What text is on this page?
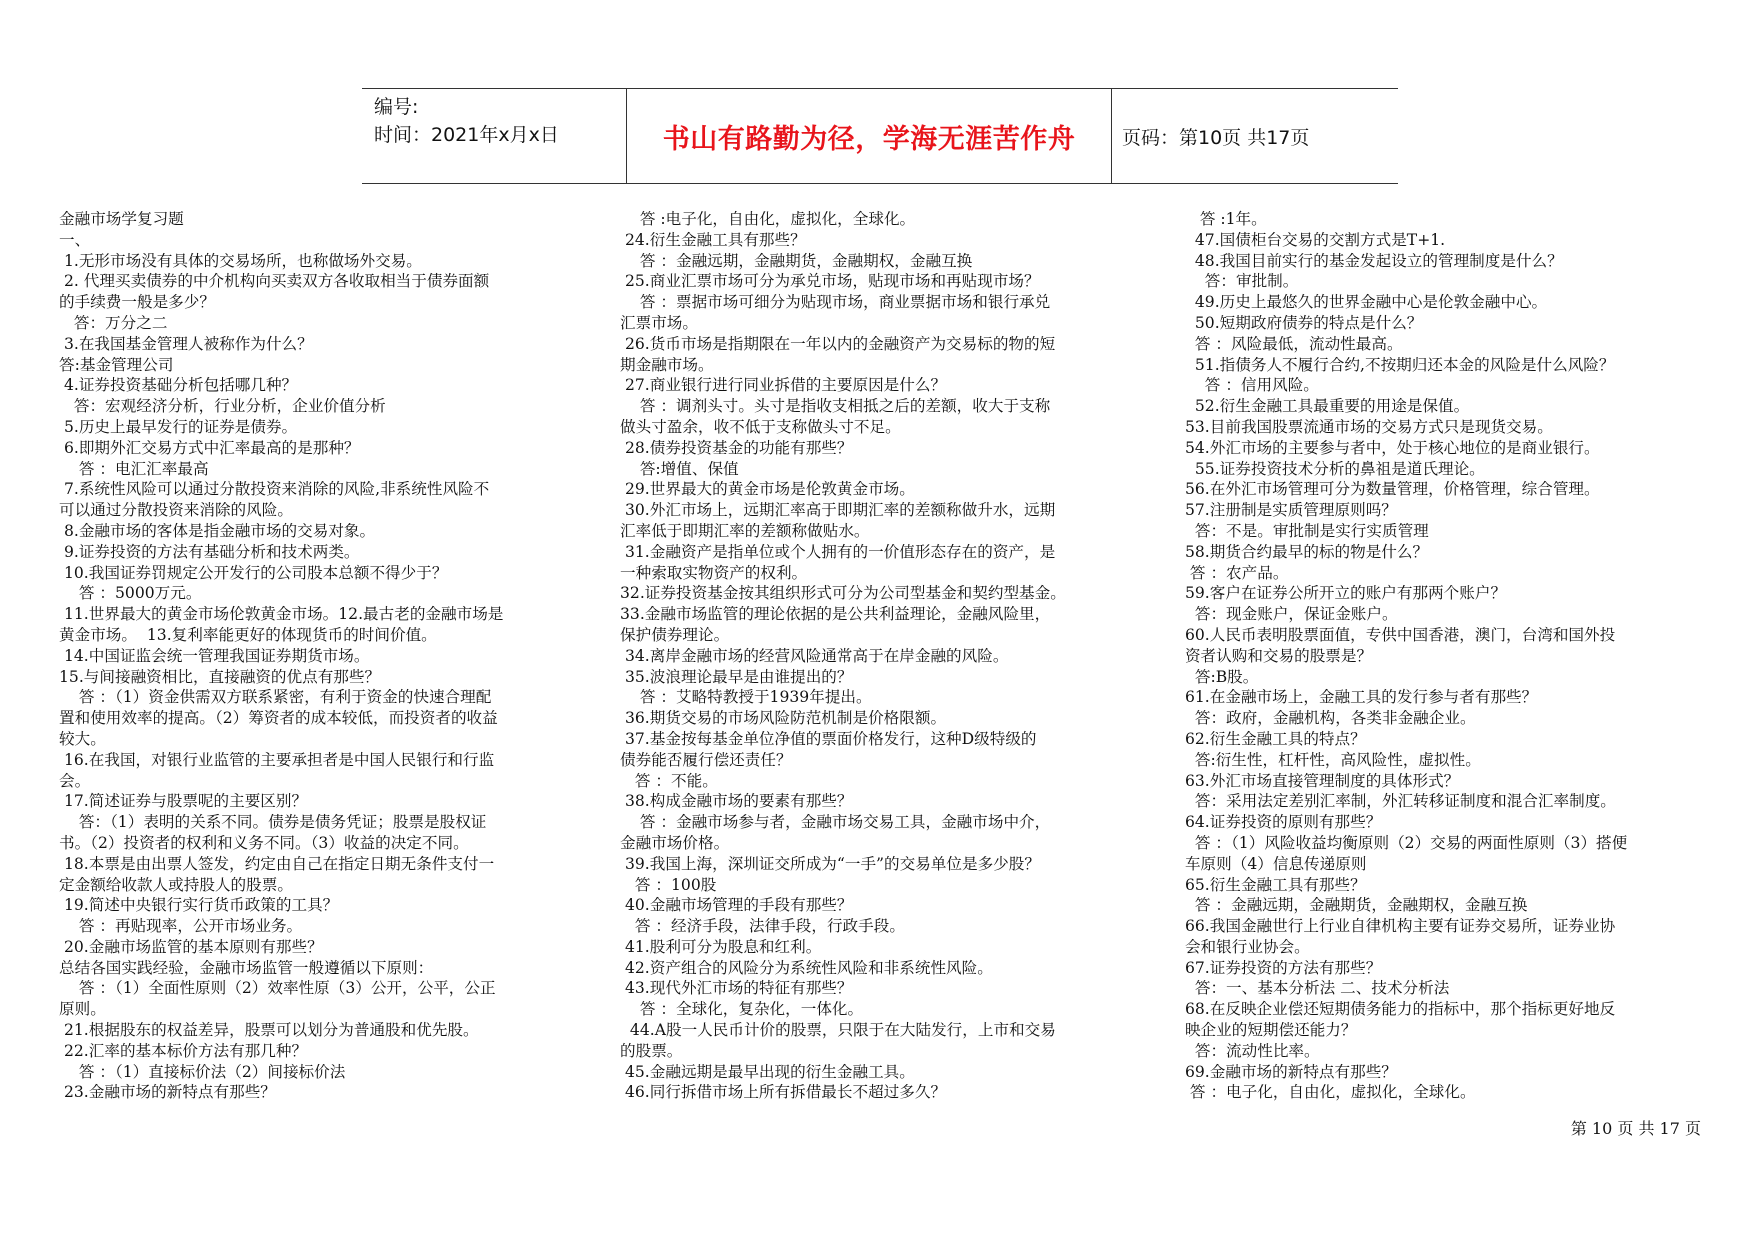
编号:
时间：2021年x月x日	书山有路勤为径，学海无涯苦作舟 页码：第10页 共17页
金融市场学复习题
一、
1.无形市场没有具体的交易场所，也称做场外交易。
2. 代理买卖债券的中介机构向买卖双方各收取相当于债券面额
的手续费一般是多少？
答：万分之二
3.在我国基金管理人被称作为什么？
答:基金管理公司
4.证券投资基础分析包括哪几种？
答：宏观经济分析，行业分析，企业价值分析
5.历史上最早发行的证券是债券。
6.即期外汇交易方式中汇率最高的是那种？
答 ：电汇汇率最高
7.系统性风险可以通过分散投资来消除的风险,非系统性风险不
可以通过分散投资来消除的风险。
8.金融市场的客体是指金融市场的交易对象。
9.证券投资的方法有基础分析和技术两类。
10.我国证券罚规定公开发行的公司股本总额不得少于？
答 ：5000万元。
11.世界最大的黄金市场伦敦黄金市场。12.最古老的金融市场是
黄金市场。  13.复利率能更好的体现货币的时间价值。
14.中国证监会统一管理我国证券期货市场。
15.与间接融资相比，直接融资的优点有那些？
答 ：（1）资金供需双方联系紧密，有利于资金的快速合理配
置和使用效率的提高。（2）筹资者的成本较低，而投资者的收益
较大。
16.在我国，对银行业监管的主要承担者是中国人民银行和行监
会。
17.简述证券与股票呢的主要区别？
答：（1）表明的关系不同。债券是债务凭证；股票是股权证
书。（2）投资者的权利和义务不同。（3）收益的决定不同。
18.本票是由出票人签发，约定由自己在指定日期无条件支付一
定金额给收款人或持股人的股票。
19.简述中央银行实行货币政策的工具？
答 ：再贴现率，公开市场业务。
20.金融市场监管的基本原则有那些？
总结各国实践经验，金融市场监管一般遵循以下原则：
答 ：（1）全面性原则（2）效率性原（3）公开，公平，公正
原则。
21.根据股东的权益差异，股票可以划分为普通股和优先股。
22.汇率的基本标价方法有那几种？
答 ：（1）直接标价法（2）间接标价法
23.金融市场的新特点有那些？
答 :电子化，自由化，虚拟化，全球化。
24.衍生金融工具有那些？
答 ：金融远期，金融期货，金融期权，金融互换
25.商业汇票市场可分为承兑市场，贴现市场和再贴现市场？
答 ：票据市场可细分为贴现市场，商业票据市场和银行承兑
汇票市场。
26.货币市场是指期限在一年以内的金融资产为交易标的物的短
期金融市场。
27.商业银行进行同业拆借的主要原因是什么？
答 ：调剂头寸。头寸是指收支相抵之后的差额，收大于支称
做头寸盈余，收不低于支称做头寸不足。
28.债券投资基金的功能有那些？
答:增值、保值
29.世界最大的黄金市场是伦敦黄金市场。
30.外汇市场上，远期汇率高于即期汇率的差额称做升水，远期
汇率低于即期汇率的差额称做贴水。
31.金融资产是指单位或个人拥有的一价值形态存在的资产，是
一种索取实物资产的权利。
32.证券投资基金按其组织形式可分为公司型基金和契约型基金。
33.金融市场监管的理论依据的是公共利益理论，金融风险里，
保护债券理论。
34.离岸金融市场的经营风险通常高于在岸金融的风险。
35.波浪理论最早是由谁提出的？
答 ：艾略特教授于1939年提出。
36.期货交易的市场风险防范机制是价格限额。
37.基金按每基金单位净值的票面价格发行，这种D级特级的
债券能否履行偿还责任？
答 ：不能。
38.构成金融市场的要素有那些？
答 ：金融市场参与者，金融市场交易工具，金融市场中介，
金融市场价格。
39.我国上海，深圳证交所成为“一手”的交易单位是多少股？
答 ：100股
40.金融市场管理的手段有那些？
答 ：经济手段，法律手段，行政手段。
41.股利可分为股息和红利。
42.资产组合的风险分为系统性风险和非系统性风险。
43.现代外汇市场的特征有那些？
答 ：全球化，复杂化，一体化。
44.A股一人民币计价的股票，只限于在大陆发行，上市和交易
的股票。
45.金融远期是最早出现的衍生金融工具。
46.同行拆借市场上所有拆借最长不超过多久？
答 :1年。
47.国债柜台交易的交割方式是T+1.
48.我国目前实行的基金发起设立的管理制度是什么？
答：审批制。
49.历史上最悠久的世界金融中心是伦敦金融中心。
50.短期政府债券的特点是什么？
答 ：风险最低，流动性最高。
51.指债务人不履行合约,不按期归还本金的风险是什么风险？
答 ：信用风险。
52.衍生金融工具最重要的用途是保值。
53.目前我国股票流通市场的交易方式只是现货交易。
54.外汇市场的主要参与者中，处于核心地位的是商业银行。
55.证券投资技术分析的鼻祖是道氏理论。
56.在外汇市场管理可分为数量管理，价格管理，综合管理。
57.注册制是实质管理原则吗？
答：不是。审批制是实行实质管理
58.期货合约最早的标的物是什么？
答 ：农产品。
59.客户在证券公所开立的账户有那两个账户？
答：现金账户，保证金账户。
60.人民币表明股票面值，专供中国香港，澳门，台湾和国外投
资者认购和交易的股票是？
答:B股。
61.在金融市场上，金融工具的发行参与者有那些？
答：政府，金融机构，各类非金融企业。
62.衍生金融工具的特点？
答:衍生性，杠杆性，高风险性，虚拟性。
63.外汇市场直接管理制度的具体形式？
答：采用法定差别汇率制，外汇转移证制度和混合汇率制度。
64.证券投资的原则有那些？
答 ：（1）风险收益均衡原则（2）交易的两面性原则（3）搭便
车原则（4）信息传递原则
65.衍生金融工具有那些？
答 ：金融远期，金融期货，金融期权，金融互换
66.我国金融世行上行业自律机构主要有证券交易所，证券业协
会和银行业协会。
67.证券投资的方法有那些？
答：一、基本分析法 二、技术分析法
68.在反映企业偿还短期债务能力的指标中，那个指标更好地反
映企业的短期偿还能力？
答：流动性比率。
69.金融市场的新特点有那些？
答 ：电子化，自由化，虚拟化，全球化。
第 10 页 共 17 页
